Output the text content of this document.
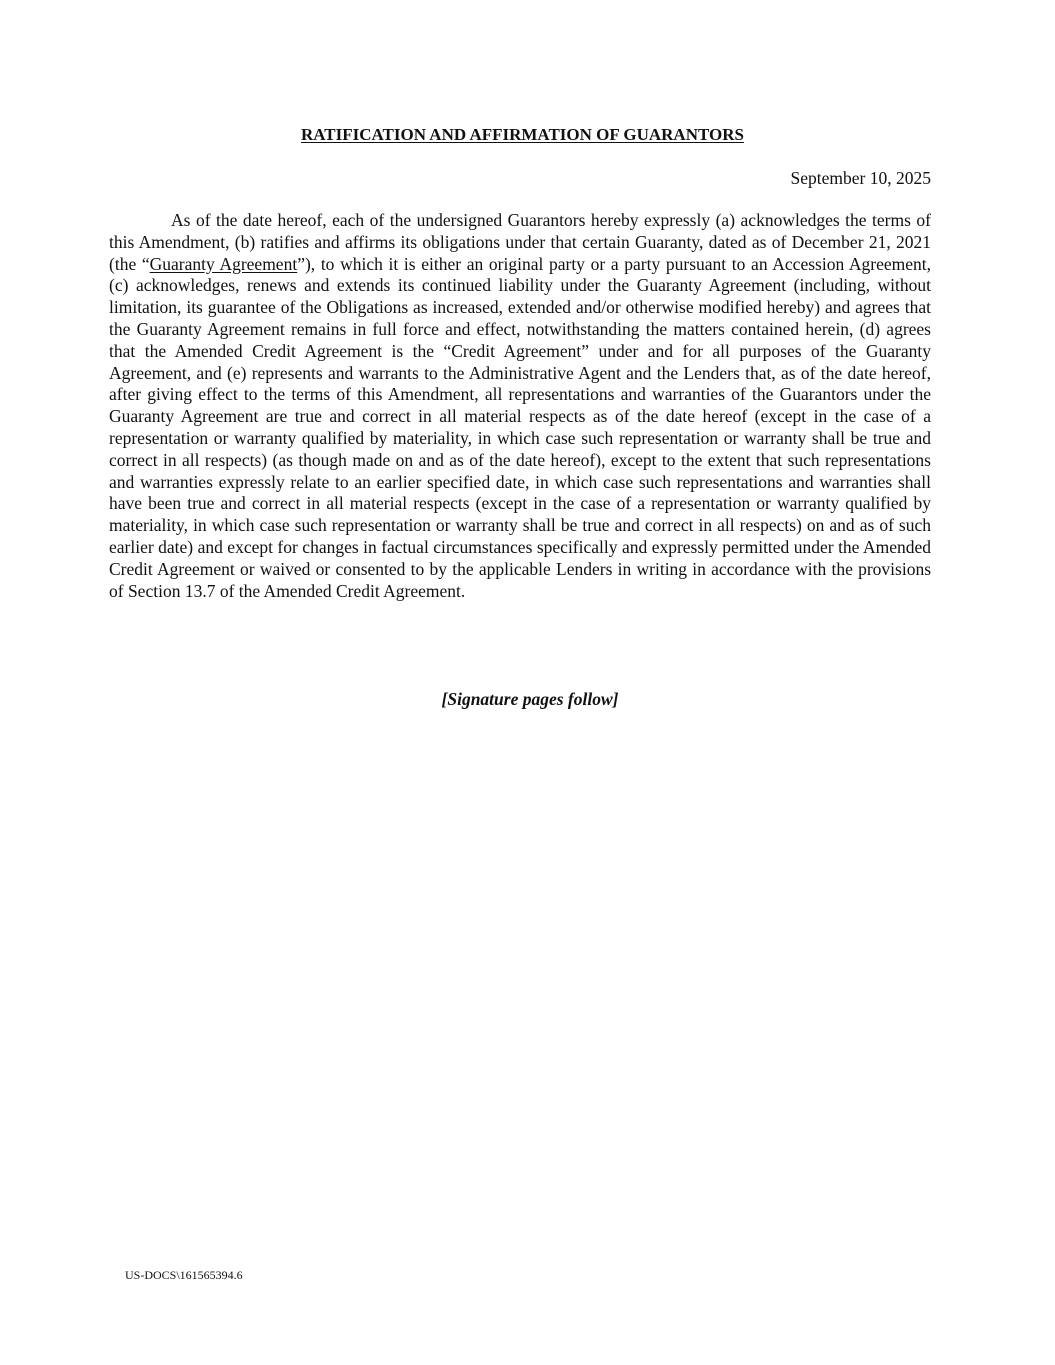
RATIFICATION AND AFFIRMATION OF GUARANTORS
September 10, 2025

As of the date hereof, each of the undersigned Guarantors hereby expressly (a) acknowledges the terms of this Amendment, (b) ratifies and affirms its obligations under that certain Guaranty, dated as of December 21, 2021 (the “Guaranty Agreement”), to which it is either an original party or a party pursuant to an Accession Agreement, (c) acknowledges, renews and extends its continued liability under the Guaranty Agreement (including, without limitation, its guarantee of the Obligations as increased, extended and/or otherwise modified hereby) and agrees that the Guaranty Agreement remains in full force and effect, notwithstanding the matters contained herein, (d) agrees that the Amended Credit Agreement is the “Credit Agreement” under and for all purposes of the Guaranty Agreement, and (e) represents and warrants to the Administrative Agent and the Lenders that, as of the date hereof, after giving effect to the terms of this Amendment, all representations and warranties of the Guarantors under the Guaranty Agreement are true and correct in all material respects as of the date hereof (except in the case of a representation or warranty qualified by materiality, in which case such representation or warranty shall be true and correct in all respects) (as though made on and as of the date hereof), except to the extent that such representations and warranties expressly relate to an earlier specified date, in which case such representations and warranties shall have been true and correct in all material respects (except in the case of a representation or warranty qualified by materiality, in which case such representation or warranty shall be true and correct in all respects) on and as of such earlier date) and except for changes in factual circumstances specifically and expressly permitted under the Amended Credit Agreement or waived or consented to by the applicable Lenders in writing in accordance with the provisions of Section 13.7 of the Amended Credit Agreement.

[Signature pages follow]
US-DOCS\161565394.6
